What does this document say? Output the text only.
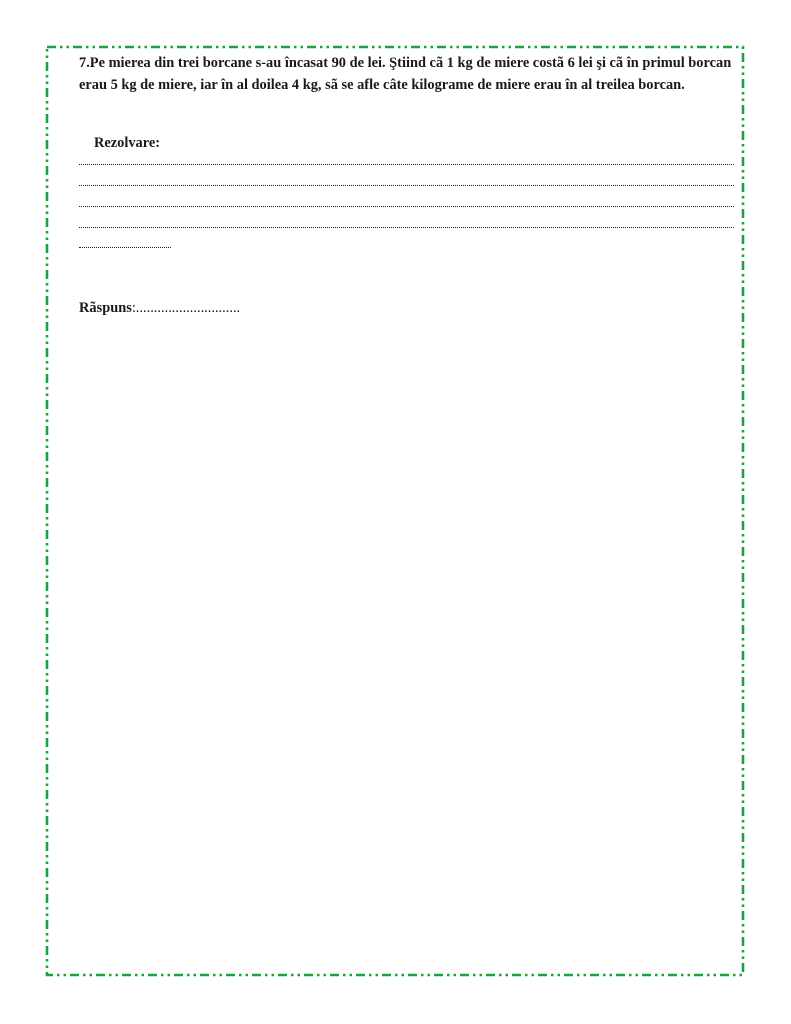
7.Pe mierea din trei borcane s-au încasat 90 de lei. Ştiind cã 1 kg de miere costã 6 lei şi cã în primul borcan erau 5 kg de miere, iar în al doilea 4 kg, sã se afle câte kilograme de miere erau în al treilea borcan.

Rezolvare:

Rãspuns:.............................
